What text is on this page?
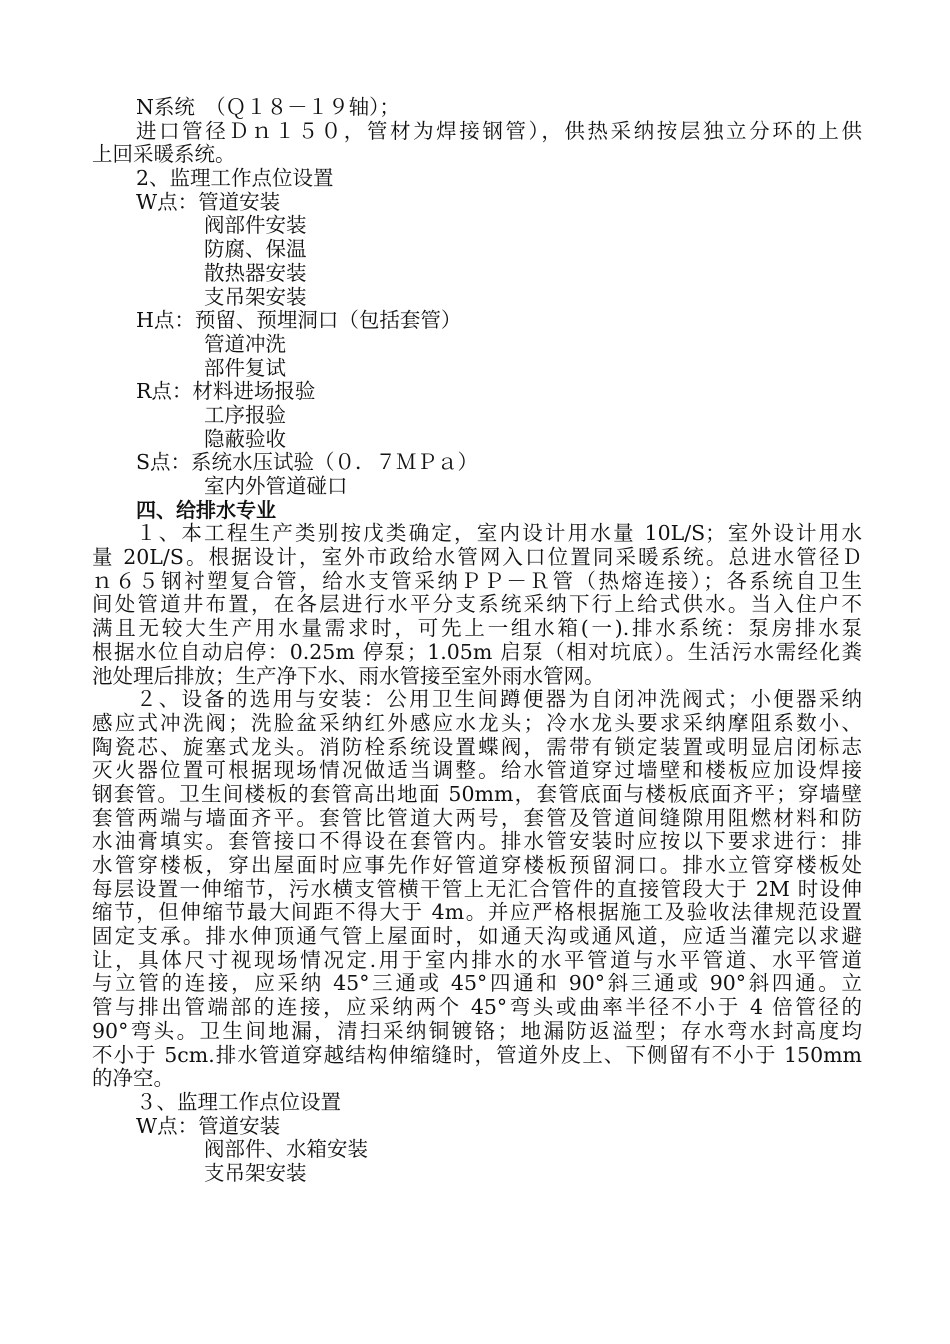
N系统　（Ｑ１８－１９轴）；
进口管径Ｄｎ１５０，管材为焊接钢管），供热采纳按层独立分环的上供
上回采暖系统。
2、监理工作点位设置
W点：管道安装
阀部件安装
防腐、保温
散热器安装
支吊架安装
H点：预留、预埋洞口（包括套管）
管道冲洗
部件复试
R点：材料进场报验
工序报验
隐蔽验收
S点：系统水压试验（０．７ＭＰａ）
室内外管道碰口
四、给排水专业
１、本工程生产类别按戊类确定，室内设计用水量 10L/S；室外设计用水
量 20L/S。根据设计，室外市政给水管网入口位置同采暖系统。总进水管径Ｄ
ｎ６５钢衬塑复合管，给水支管采纳ＰＰ－Ｒ管（热熔连接）；各系统自卫生
间处管道井布置，在各层进行水平分支系统采纳下行上给式供水。当入住户不
满且无较大生产用水量需求时，可先上一组水箱(一).排水系统：泵房排水泵
根据水位自动启停：0.25m 停泵；1.05m 启泵（相对坑底）。生活污水需经化粪
池处理后排放；生产净下水、雨水管接至室外雨水管网。
２、设备的选用与安装：公用卫生间蹲便器为自闭冲洗阀式；小便器采纳
感应式冲洗阀；洗脸盆采纳红外感应水龙头；冷水龙头要求采纳摩阻系数小、
陶瓷芯、旋塞式龙头。消防栓系统设置蝶阀，需带有锁定装置或明显启闭标志
灭火器位置可根据现场情况做适当调整。给水管道穿过墙壁和楼板应加设焊接
钢套管。卫生间楼板的套管高出地面 50mm，套管底面与楼板底面齐平；穿墙壁
套管两端与墙面齐平。套管比管道大两号，套管及管道间缝隙用阻燃材料和防
水油膏填实。套管接口不得设在套管内。排水管安装时应按以下要求进行：排
水管穿楼板，穿出屋面时应事先作好管道穿楼板预留洞口。排水立管穿楼板处
每层设置一伸缩节，污水横支管横干管上无汇合管件的直接管段大于 2M 时设伸
缩节，但伸缩节最大间距不得大于 4m。并应严格根据施工及验收法律规范设置
固定支承。排水伸顶通气管上屋面时，如通天沟或通风道，应适当灌完以求避
让，具体尺寸视现场情况定.用于室内排水的水平管道与水平管道、水平管道
与立管的连接，应采纳 45°三通或 45°四通和 90°斜三通或 90°斜四通。立
管与排出管端部的连接，应采纳两个 45°弯头或曲率半径不小于 4 倍管径的
90°弯头。卫生间地漏，清扫采纳铜镀铬；地漏防返溢型；存水弯水封高度均
不小于 5cm.排水管道穿越结构伸缩缝时，管道外皮上、下侧留有不小于 150mm
的净空。
３、监理工作点位设置
W点：管道安装
阀部件、水箱安装
支吊架安装
